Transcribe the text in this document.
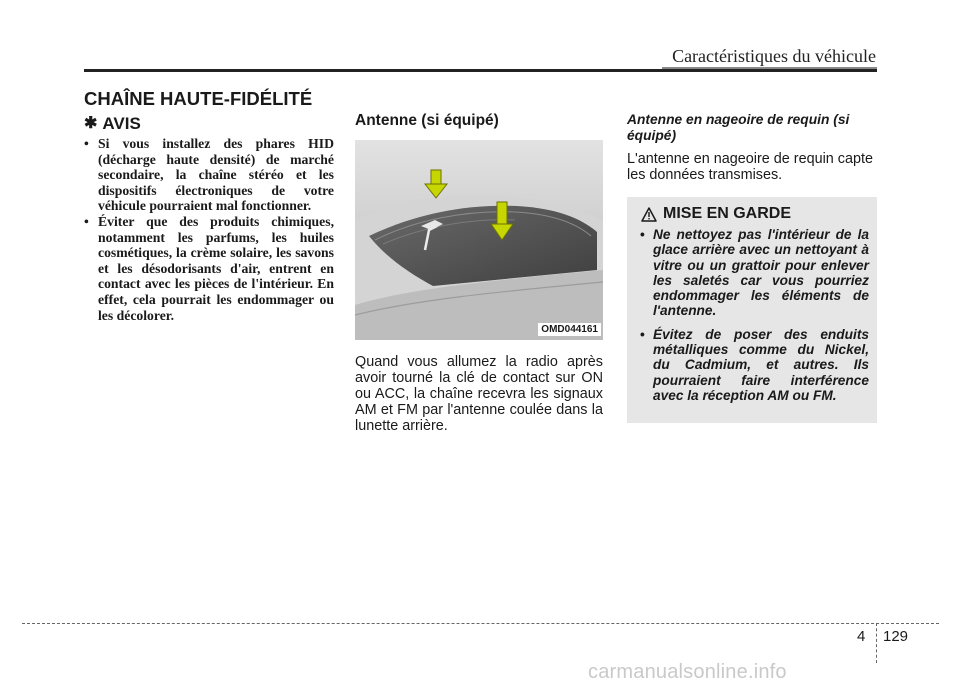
Caractéristiques du véhicule
CHAÎNE HAUTE-FIDÉLITÉ
✱ AVIS
• Si vous installez des phares HID (décharge haute densité) de marché secondaire, la chaîne stéréo et les dispositifs électroniques de votre véhicule pourraient mal fonctionner.
• Éviter que des produits chimiques, notamment les parfums, les huiles cosmétiques, la crème solaire, les savons et les désodorisants d'air, entrent en contact avec les pièces de l'intérieur. En effet, cela pourrait les endommager ou les décolorer.
Antenne (si équipé)
OMD044161

Quand vous allumez la radio après avoir tourné la clé de contact sur ON ou ACC, la chaîne recevra les signaux AM et FM par l'antenne coulée dans la lunette arrière.

Antenne en nageoire de requin (si équipé)

L'antenne en nageoire de requin capte les données transmises.

MISE EN GARDE
• Ne nettoyez pas l'intérieur de la glace arrière avec un nettoyant à vitre ou un grattoir pour enlever les saletés car vous pourriez endommager les éléments de l'antenne.
• Évitez de poser des enduits métalliques comme du Nickel, du Cadmium, et autres. Ils pourraient faire interférence avec la réception AM ou FM.
4 129
carmanualsonline.info
